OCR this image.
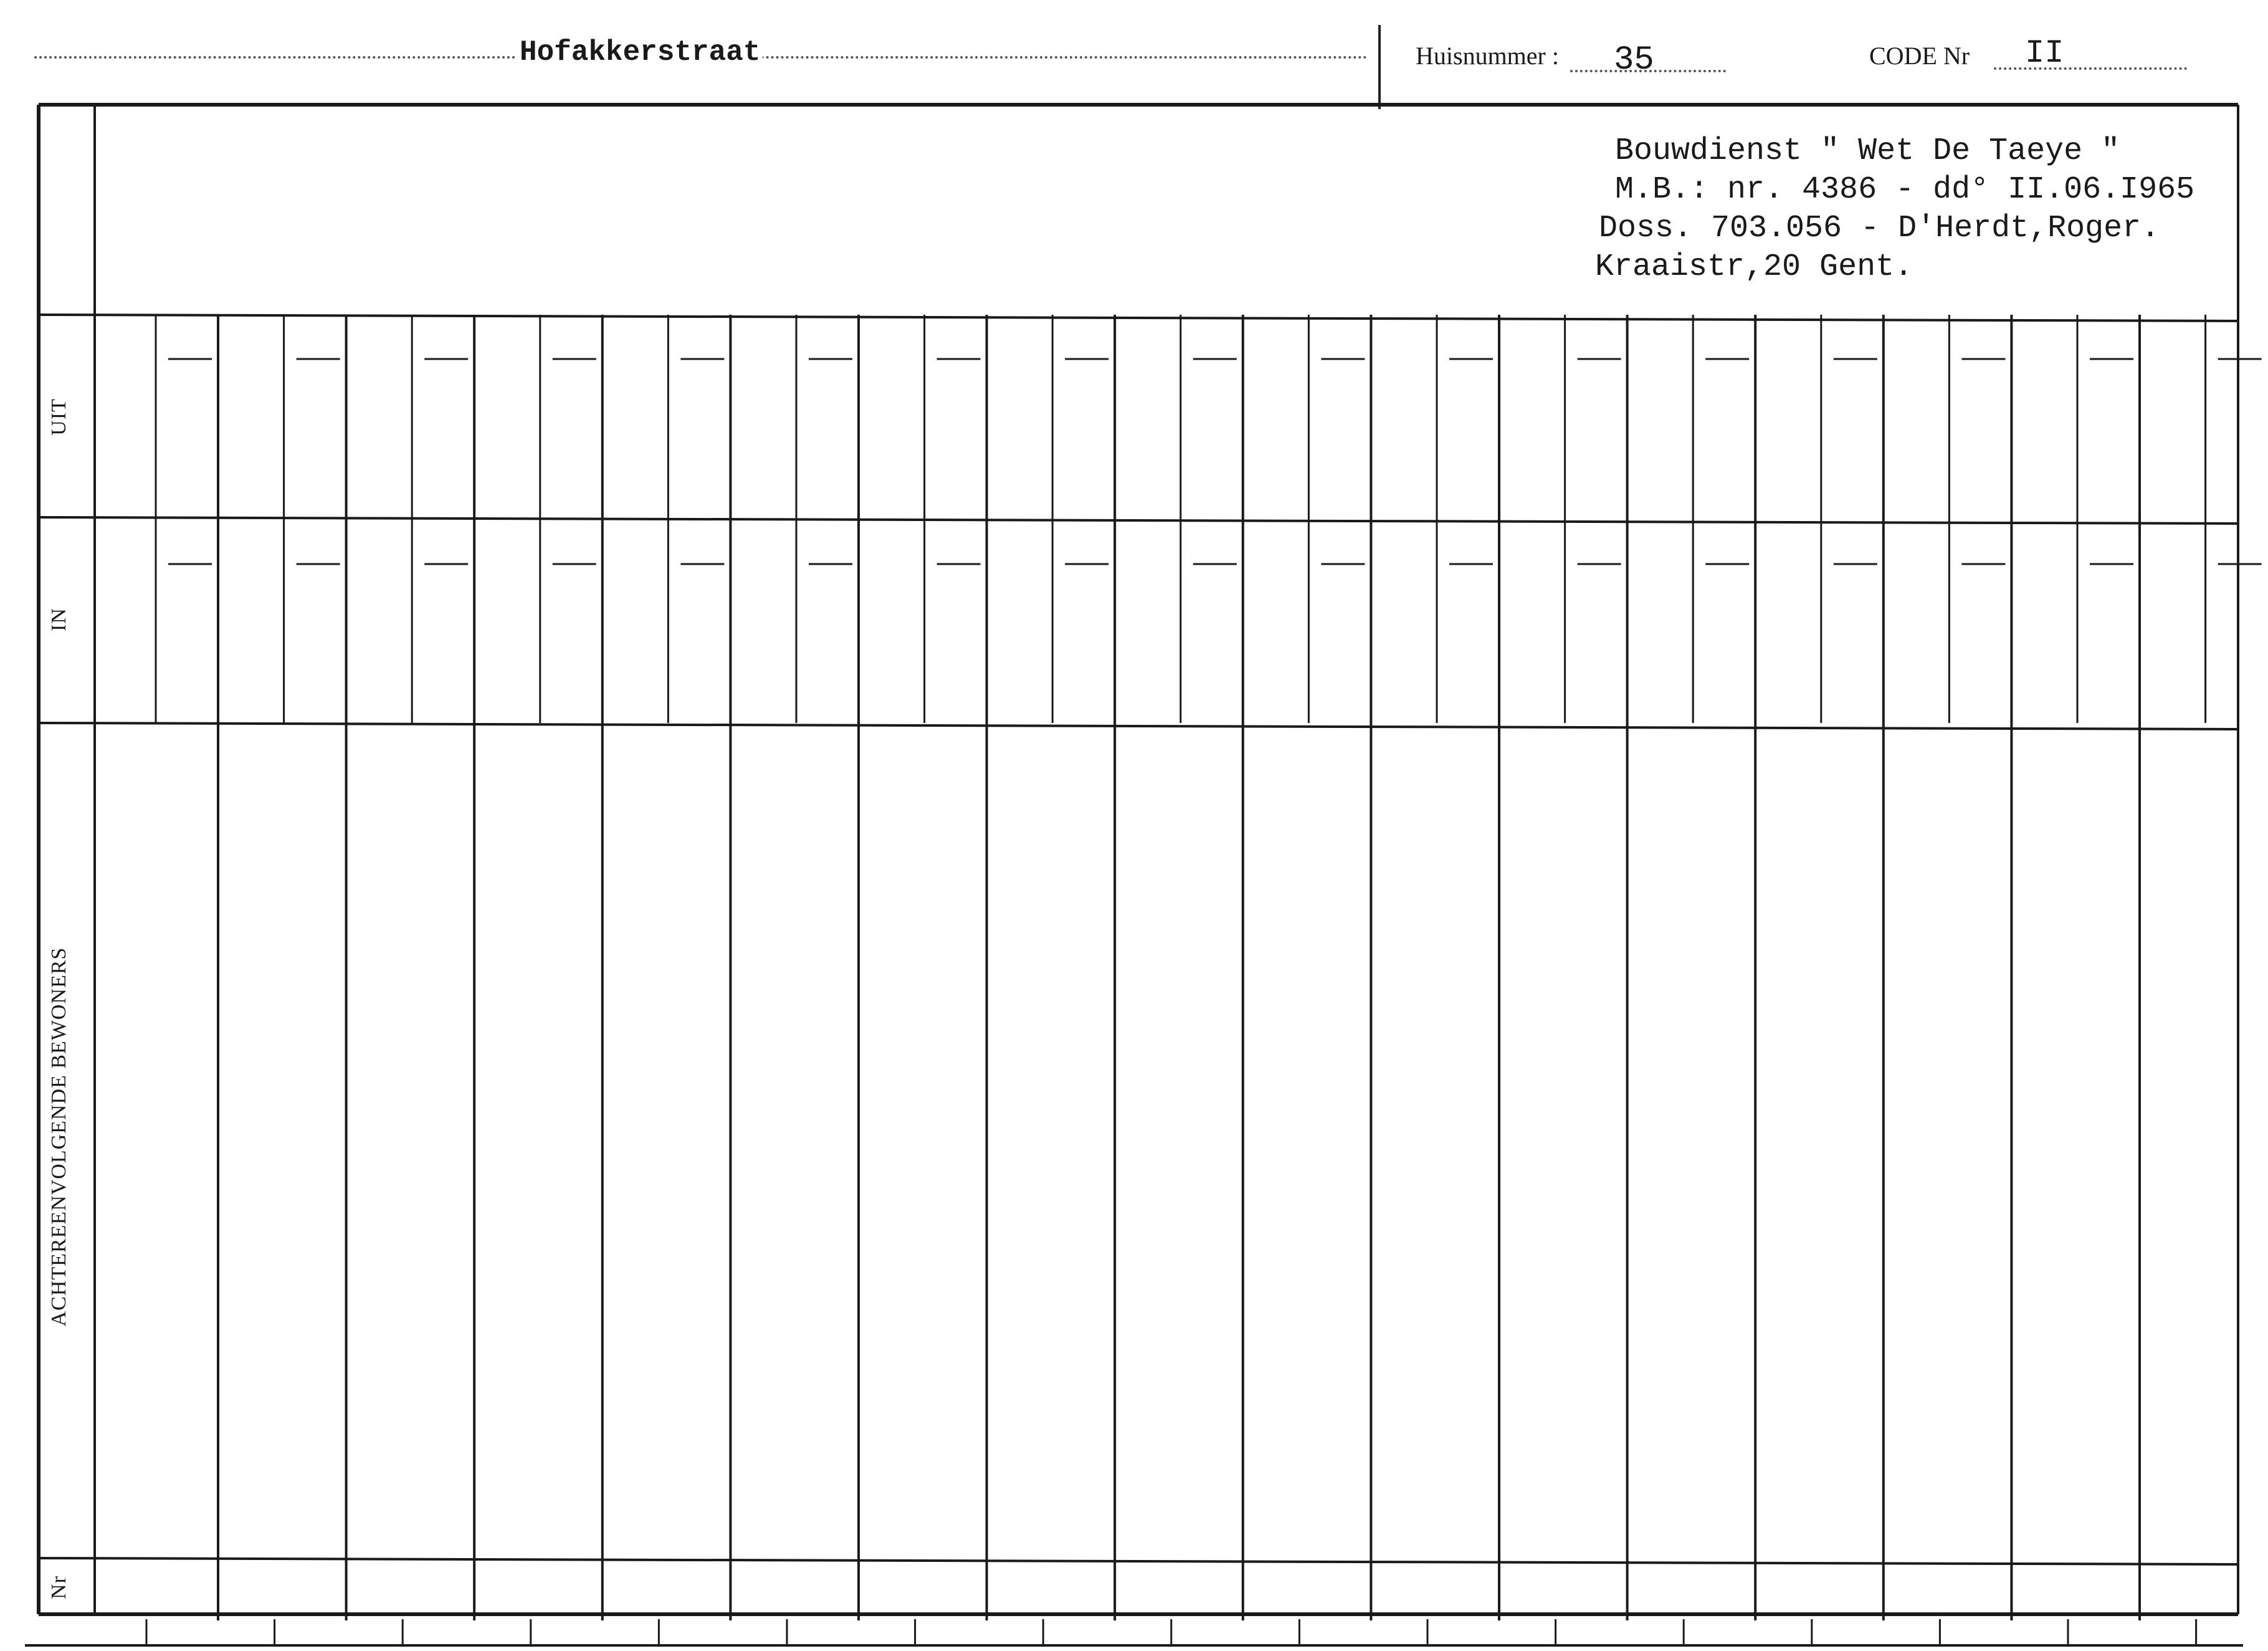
Hofakkerstraat	Huisnummer : 35	CODE Nr II
Bouwdienst " Wet De Taeye "
M.B.: nr. 4386 - dd° II.06.I965
Doss. 703.056 - D'Herdt,Roger.
Kraaistr,20 Gent.
UIT
IN
ACHTEREENVOLGENDE BEWONERS
Nr
